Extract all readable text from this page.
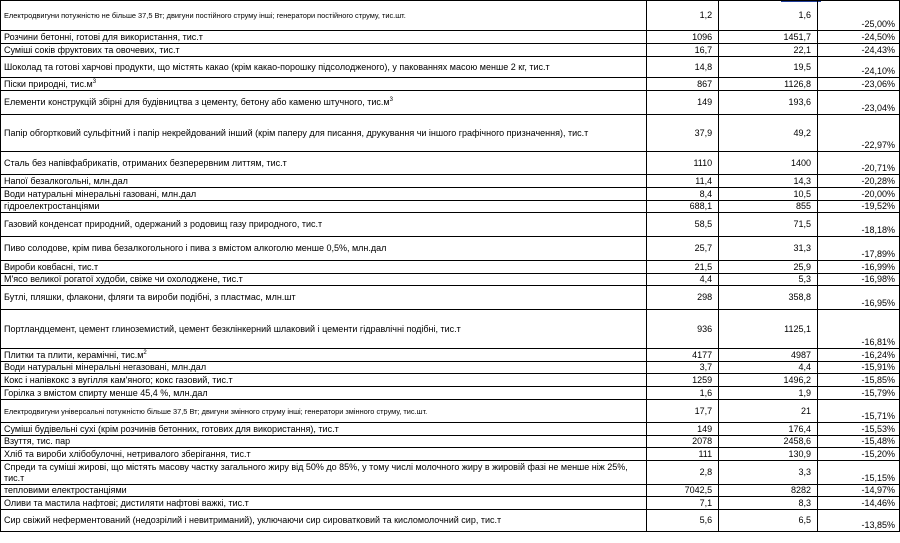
Електродвигуни потужністю не більше 37,5 Вт; двигуни постійного струму інші; генератори постійного струму, тис.шт.	1,2	1,6	-25,00%
Розчини бетонні, готові для використання, тис.т	1096	1451,7	-24,50%
Суміші соків фруктових та овочевих, тис.т	16,7	22,1	-24,43%
Шоколад та готові харчові продукти, що містять какао (крім какао-порошку підсолодженого), у пакованнях масою менше 2 кг, тис.т	14,8	19,5	-24,10%
Піски природні, $тис.м^3$	867	1126,8	-23,06%
Елементи конструкцій збірні для будівництва з цементу, бетону або каменю штучного, $тис.м^3$	149	193,6	-23,04%
Папір обгортковий сульфітний і папір некрейдований інший (крім паперу для писання, друкування чи іншого графічного призначення), тис.т	37,9	49,2	-22,97%
Сталь без напівфабрикатів, отриманих безперервним литтям, тис.т	1110	1400	-20,71%
Напої безалкогольні, млн.дал	11,4	14,3	-20,28%
Води натуральні мінеральні газовані, млн.дал	8,4	10,5	-20,00%
гідроелектростанціями	688,1	855	-19,52%
Газовий конденсат природний, одержаний з родовищ газу природного, тис.т	58,5	71,5	-18,18%
Пиво солодове, крім пива безалкогольного і пива з вмістом алкоголю менше 0,5%, млн.дал	25,7	31,3	-17,89%
Вироби ковбасні, тис.т	21,5	25,9	-16,99%
М'ясо великої рогатої худоби, свіже чи охолоджене, тис.т	4,4	5,3	-16,98%
Бутлі, пляшки, флакони, фляги та вироби подібні, з пластмас, млн.шт	298	358,8	-16,95%
Портландцемент, цемент глиноземистий, цемент безклінкерний шлаковий і цементи гідравлічні подібні, тис.т	936	1125,1	-16,81%
Плитки та плити, керамічні, $тис.м^2$	4177	4987	-16,24%
Води натуральні мінеральні негазовані, млн.дал	3,7	4,4	-15,91%
Кокс і напівкокс з вугілля кам'яного; кокс газовий, тис.т	1259	1496,2	-15,85%
Горілка з вмістом спирту менше 45,4 %, млн.дал	1,6	1,9	-15,79%
Електродвигуни універсальні потужністю більше 37,5 Вт; двигуни змінного струму інші; генератори змінного струму, тис.шт.	17,7	21	-15,71%
Суміші будівельні сухі (крім розчинів бетонних, готових для використання), тис.т	149	176,4	-15,53%
Взуття, тис. пар	2078	2458,6	-15,48%
Хліб та вироби хлібобулочні, нетривалого зберігання, тис.т	111	130,9	-15,20%
Спреди та суміші жирові, що містять масову частку загального жиру від 50% до 85%, у тому числі молочного жиру в жировій фазі не менше ніж 25%, тис.т	2,8	3,3	-15,15%
тепловими електростанціями	7042,5	8282	-14,97%
Оливи та мастила нафтові; дистиляти нафтові важкі, тис.т	7,1	8,3	-14,46%
Сир свіжий неферментований (недозрілий і невитриманий), уключаючи сир сироватковий та кисломолочний сир, тис.т	5,6	6,5	-13,85%
